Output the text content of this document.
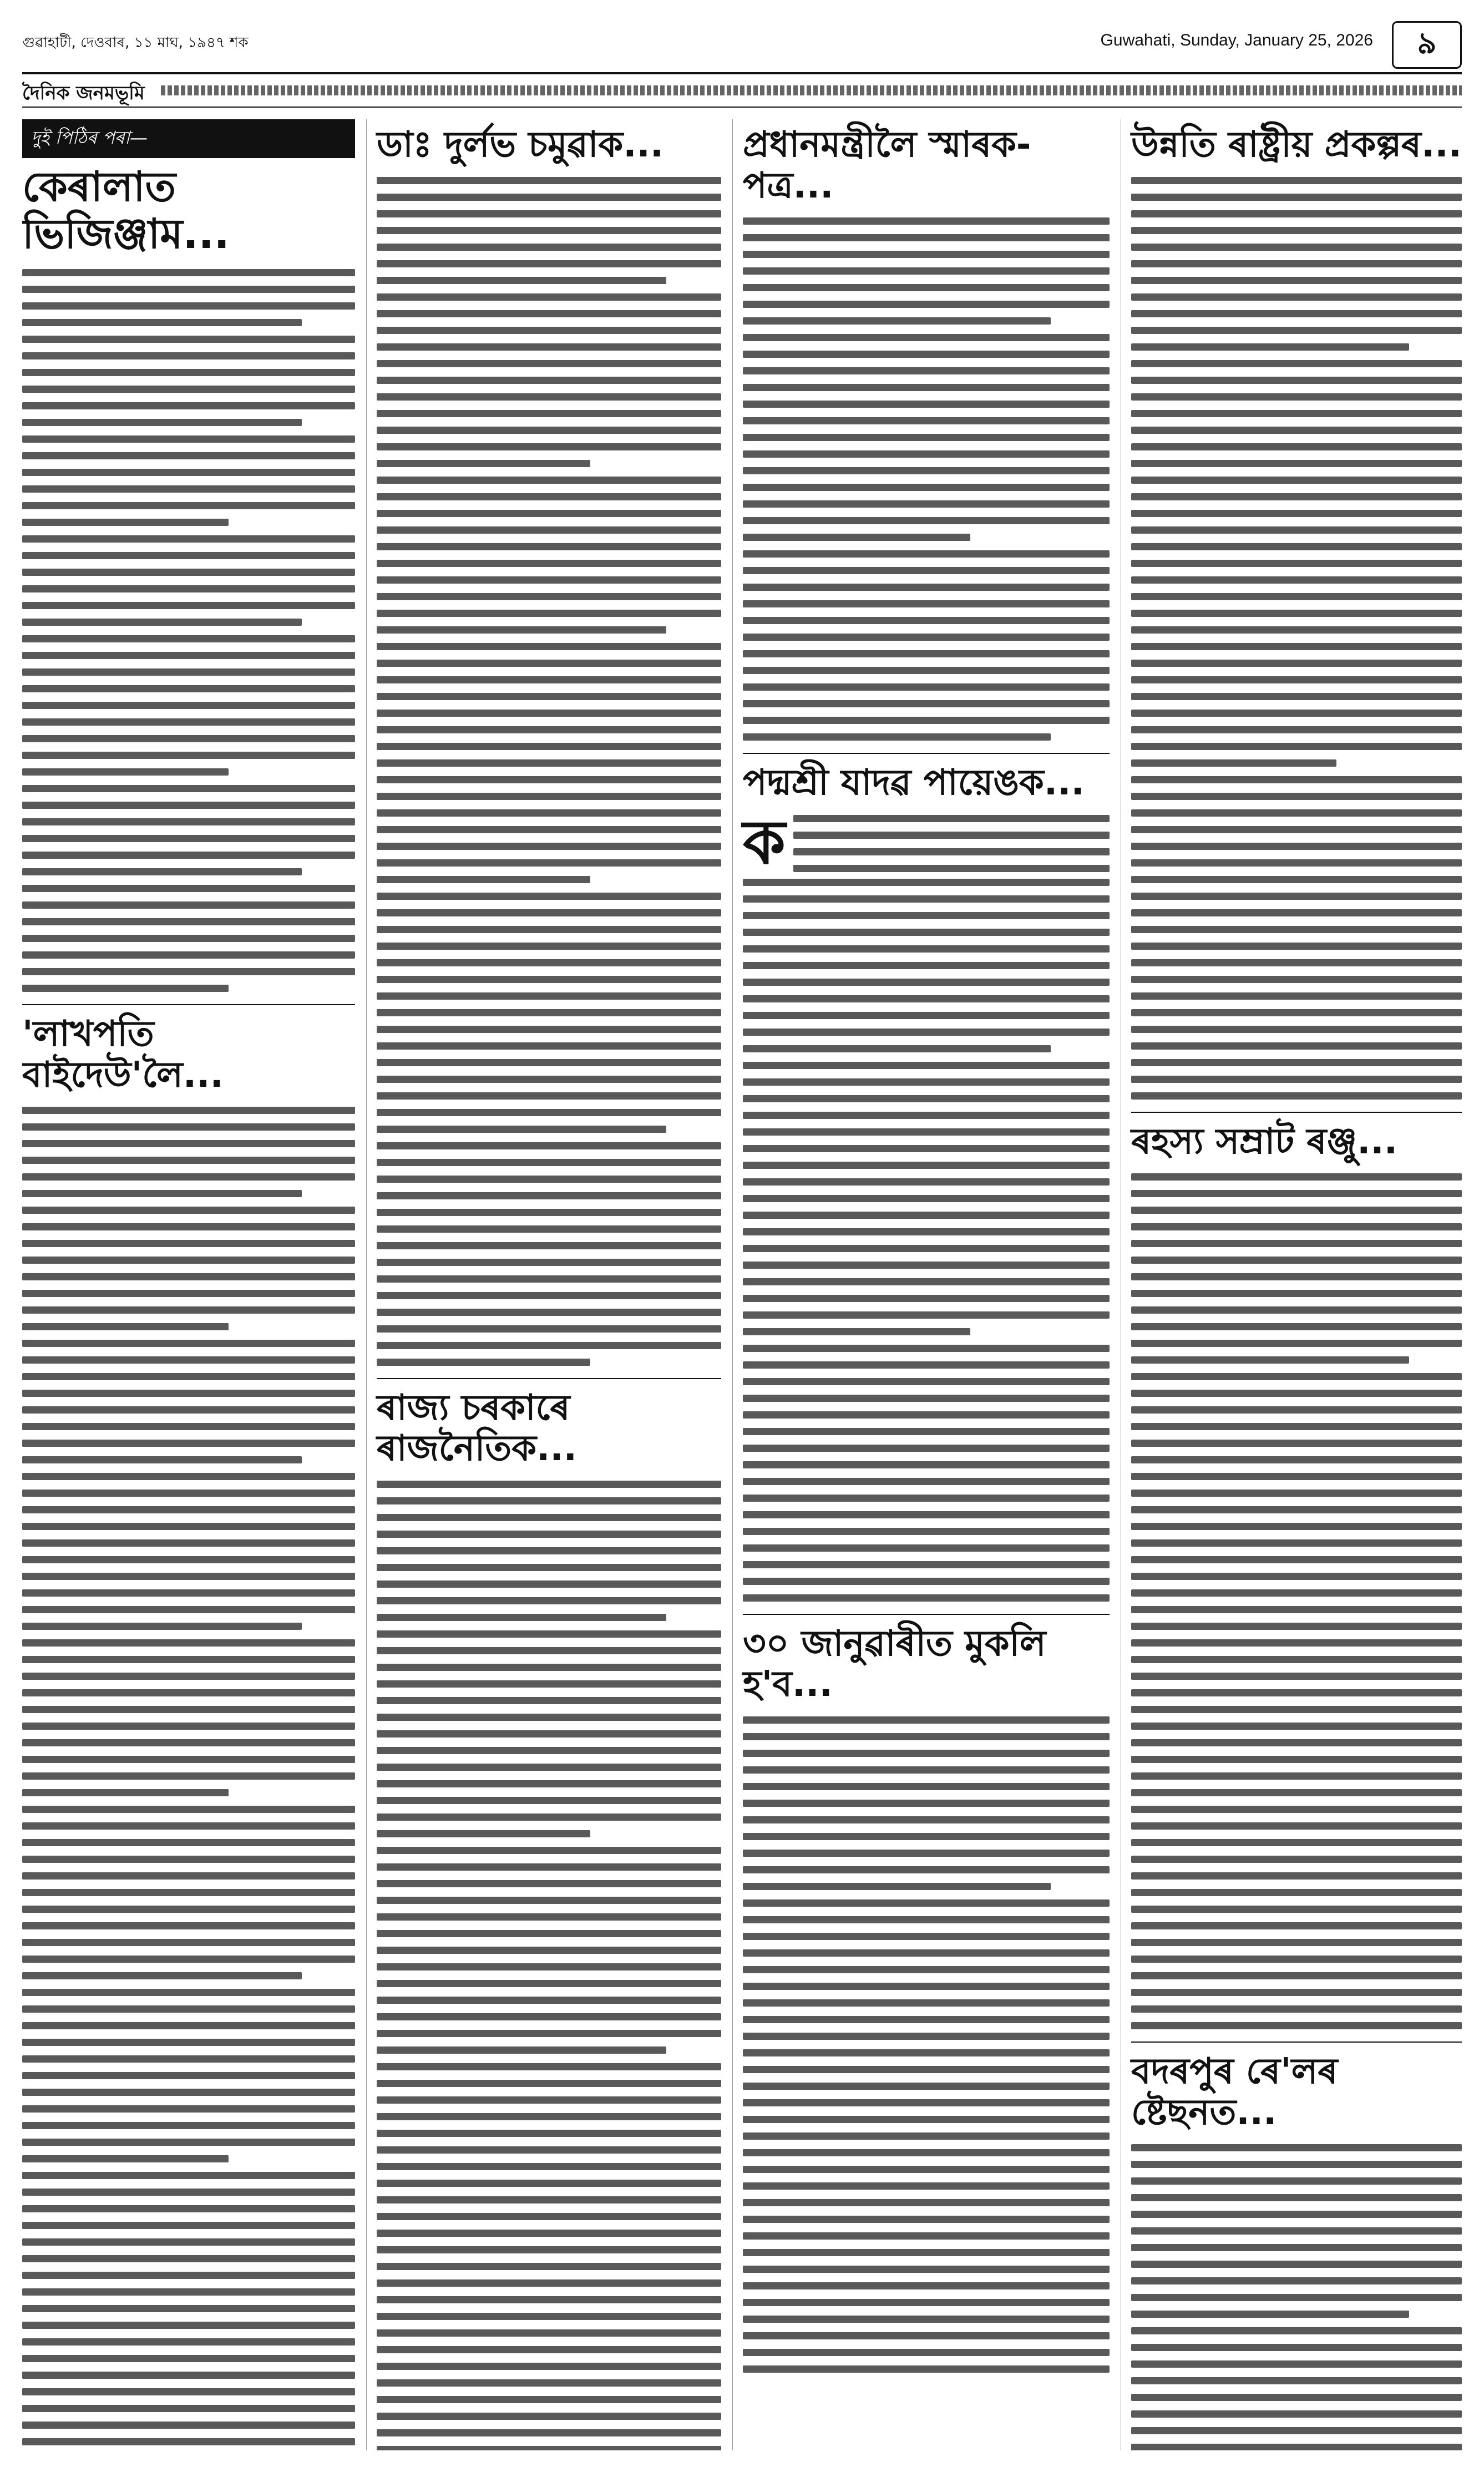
গুৱাহাটী, দেওবাৰ, ১১ মাঘ, ১৯৪৭ শক	Guwahati, Sunday, January 25, 2026	৯
দৈনিক জনমভূমি
দুই পিঠিৰ পৰা—
কেৰালাত ভিজিঞ্জাম...
'লাখপতি বাইদেউ'লৈ...
ডাঃ দুৰ্লভ চমুৱাক...
ৰাজ্য চৰকাৰে ৰাজনৈতিক...
প্ৰধানমন্ত্ৰীলৈ স্মাৰক-পত্ৰ...
পদ্মশ্ৰী যাদৱ পায়েঙক...
ক
৩০ জানুৱাৰীত মুকলি হ'ব...
উন্নতি ৰাষ্ট্ৰীয় প্ৰকল্পৰ...
ৰহস্য সম্ৰাট ৰঞ্জু...
বদৰপুৰ ৰে'লৰ ষ্টেছনত...
